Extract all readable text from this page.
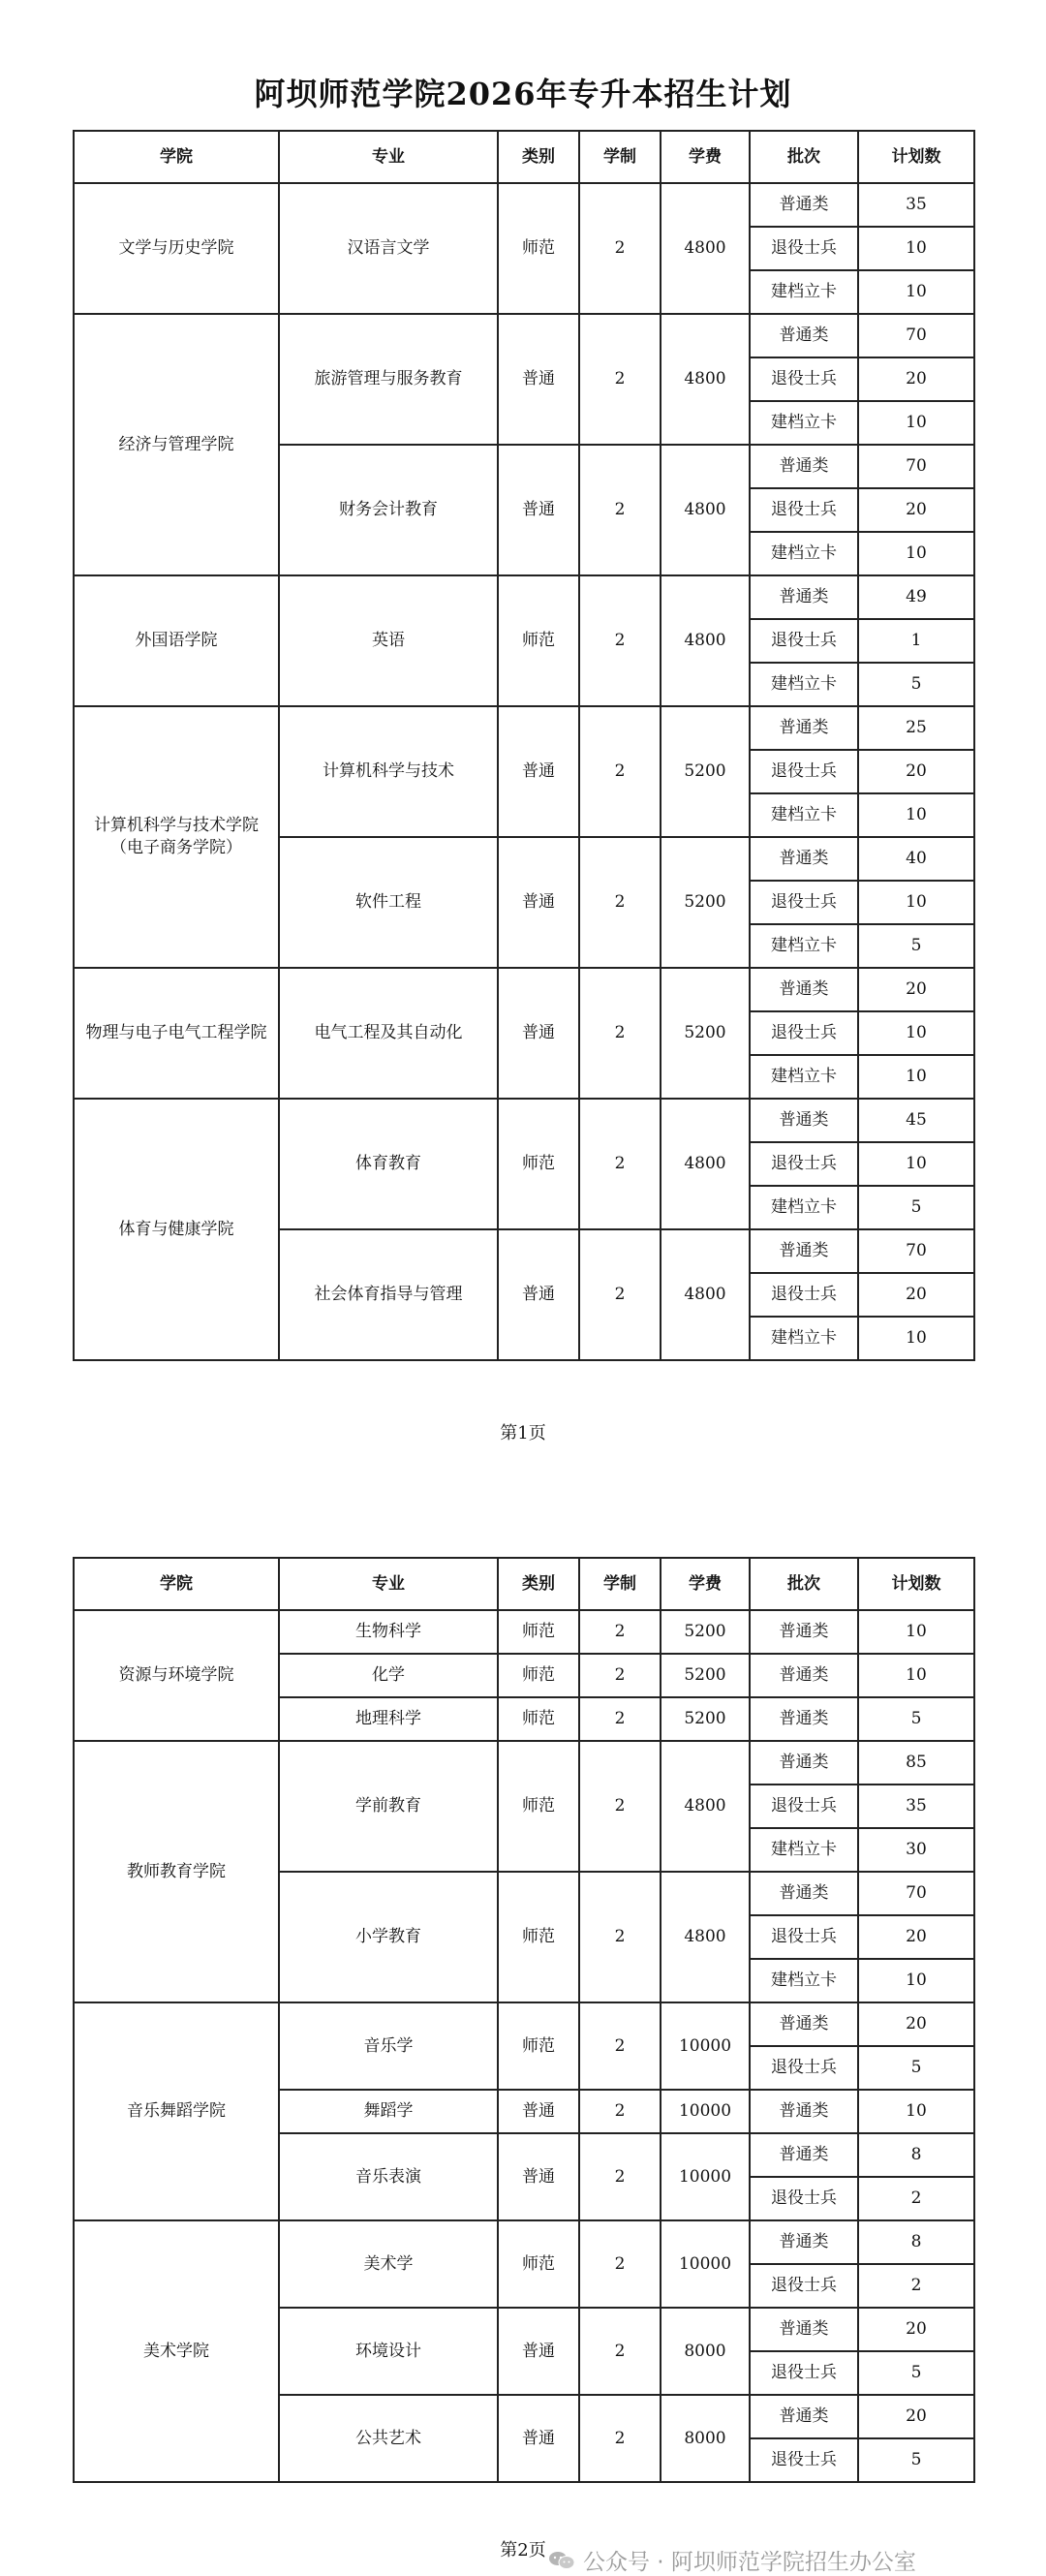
阿坝师范学院2026年专升本招生计划
学院	专业	类别	学制	学费	批次	计划数
文学与历史学院	汉语言文学	师范	2	4800	普通类	35
					退役士兵	10
					建档立卡	10
经济与管理学院	旅游管理与服务教育	普通	2	4800	普通类	70
					退役士兵	20
					建档立卡	10
	财务会计教育	普通	2	4800	普通类	70
					退役士兵	20
					建档立卡	10
外国语学院	英语	师范	2	4800	普通类	49
					退役士兵	1
					建档立卡	5
计算机科学与技术学院（电子商务学院）	计算机科学与技术	普通	2	5200	普通类	25
					退役士兵	20
					建档立卡	10
	软件工程	普通	2	5200	普通类	40
					退役士兵	10
					建档立卡	5
物理与电子电气工程学院	电气工程及其自动化	普通	2	5200	普通类	20
					退役士兵	10
					建档立卡	10
体育与健康学院	体育教育	师范	2	4800	普通类	45
					退役士兵	10
					建档立卡	5
	社会体育指导与管理	普通	2	4800	普通类	70
					退役士兵	20
					建档立卡	10
第1页
学院	专业	类别	学制	学费	批次	计划数
资源与环境学院	生物科学	师范	2	5200	普通类	10
	化学	师范	2	5200	普通类	10
	地理科学	师范	2	5200	普通类	5
教师教育学院	学前教育	师范	2	4800	普通类	85
					退役士兵	35
					建档立卡	30
	小学教育	师范	2	4800	普通类	70
					退役士兵	20
					建档立卡	10
音乐舞蹈学院	音乐学	师范	2	10000	普通类	20
					退役士兵	5
	舞蹈学	普通	2	10000	普通类	10
	音乐表演	普通	2	10000	普通类	8
					退役士兵	2
美术学院	美术学	师范	2	10000	普通类	8
					退役士兵	2
	环境设计	普通	2	8000	普通类	20
					退役士兵	5
	公共艺术	普通	2	8000	普通类	20
					退役士兵	5
第2页	公众号 · 阿坝师范学院招生办公室
